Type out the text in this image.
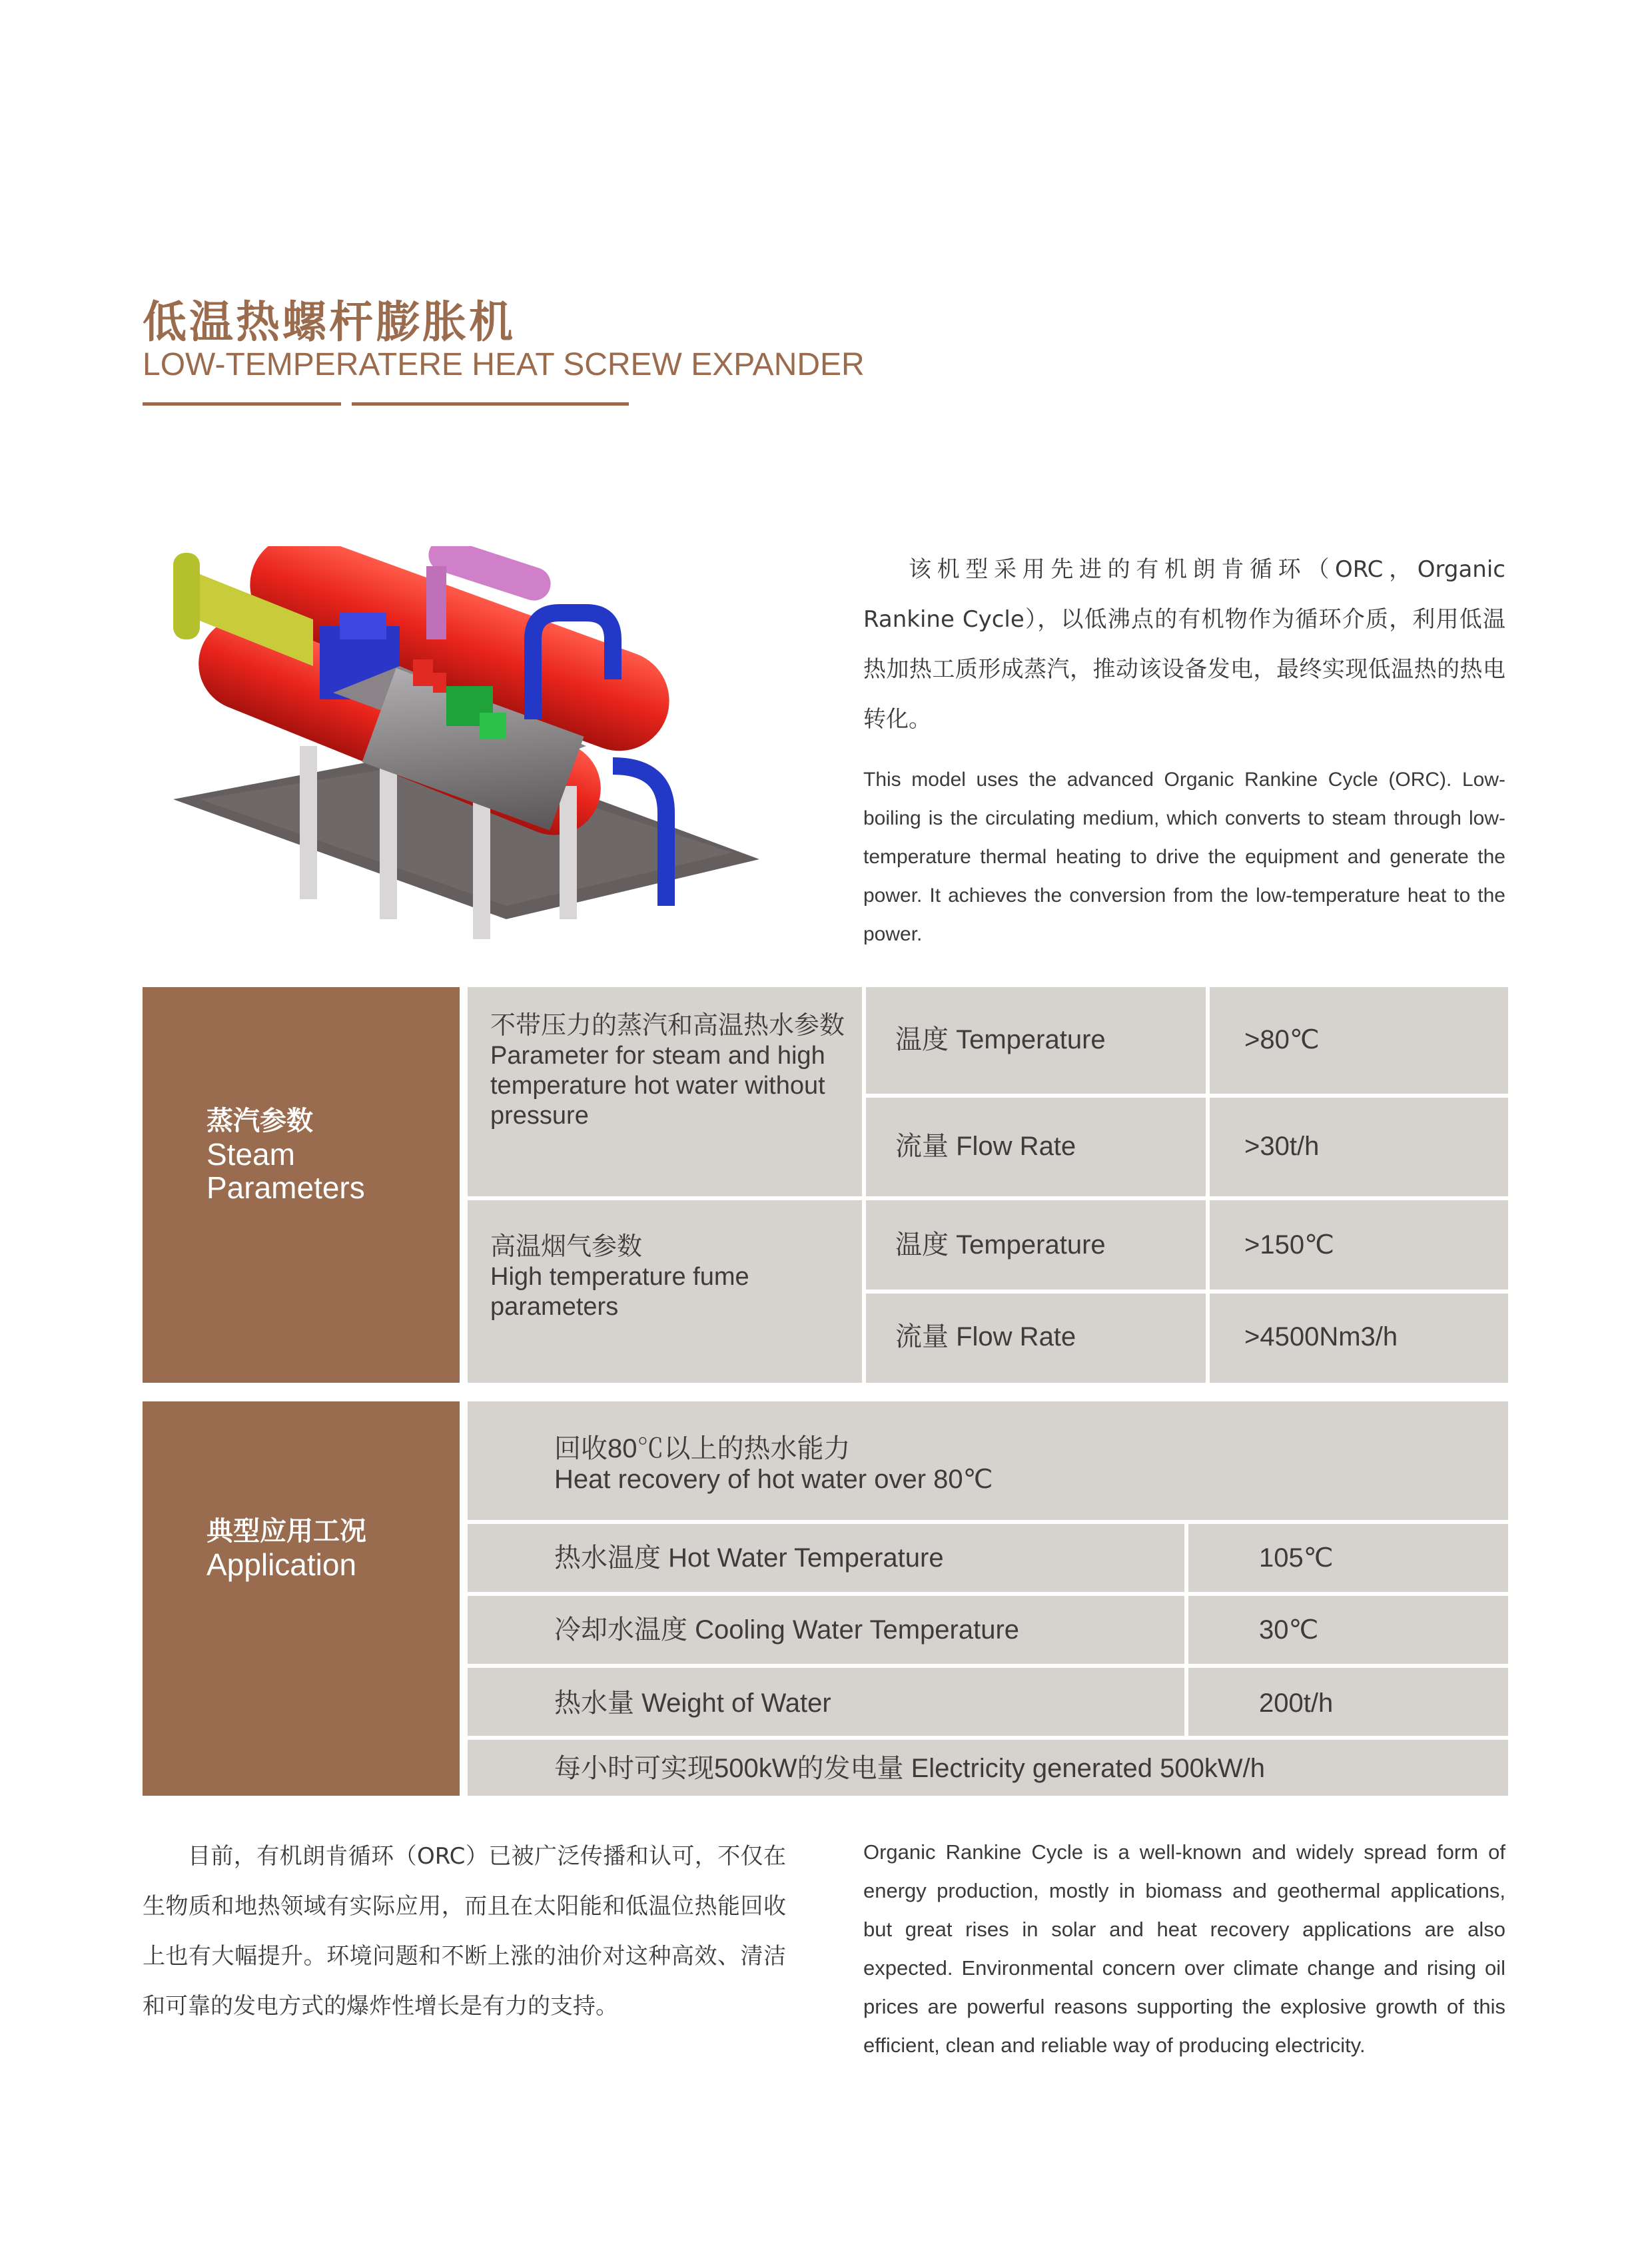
低温热螺杆膨胀机
LOW-TEMPERATERE HEAT SCREW EXPANDER
该机型采用先进的有机朗肯循环（ORC，Organic Rankine Cycle），以低沸点的有机物作为循环介质，利用低温热加热工质形成蒸汽，推动该设备发电，最终实现低温热的热电转化。
This model uses the advanced Organic Rankine Cycle (ORC). Low-boiling is the circulating medium, which converts to steam through low-temperature thermal heating to drive the equipment and generate the power. It achieves the conversion from the low-temperature heat to the power.
蒸汽参数
Steam Parameters
不带压力的蒸汽和高温热水参数
Parameter for steam and high temperature hot water without pressure
温度 Temperature	>80℃
流量 Flow Rate	>30t/h
高温烟气参数
High temperature fume parameters
温度 Temperature	>150℃
流量 Flow Rate	>4500Nm3/h
典型应用工况
Application
回收80℃以上的热水能力
Heat recovery of hot water over 80℃
热水温度 Hot Water Temperature	105℃
冷却水温度 Cooling Water Temperature	30℃
热水量 Weight of Water	200t/h
每小时可实现500kW的发电量 Electricity generated 500kW/h
目前，有机朗肯循环（ORC）已被广泛传播和认可，不仅在生物质和地热领域有实际应用，而且在太阳能和低温位热能回收上也有大幅提升。环境问题和不断上涨的油价对这种高效、清洁和可靠的发电方式的爆炸性增长是有力的支持。
Organic Rankine Cycle is a well-known and widely spread form of energy production, mostly in biomass and geothermal applications, but great rises in solar and heat recovery applications are also expected. Environmental concern over climate change and rising oil prices are powerful reasons supporting the explosive growth of this efficient, clean and reliable way of producing electricity.
